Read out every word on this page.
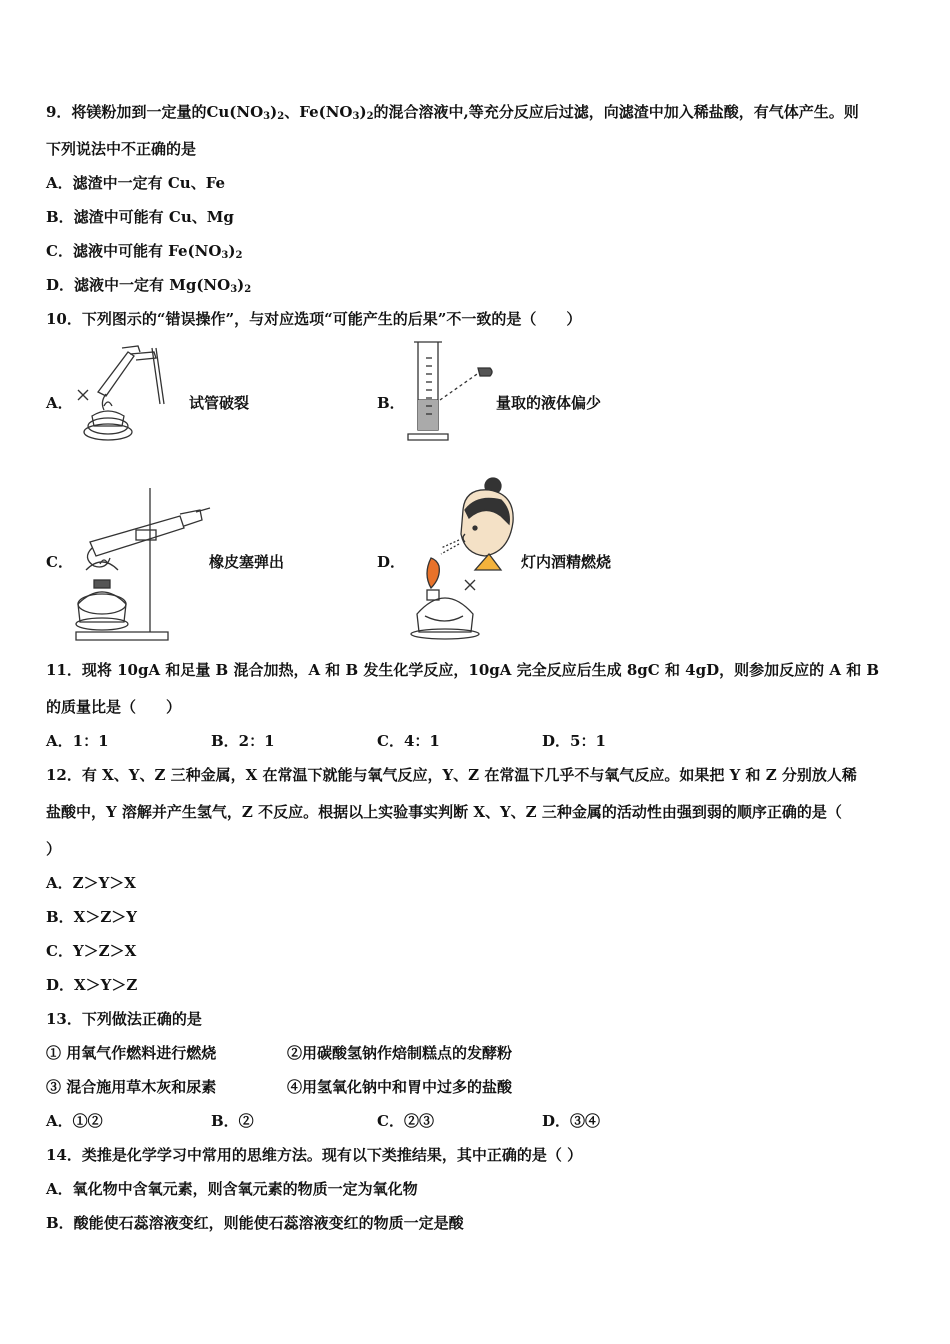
9．将镁粉加到一定量的$Cu(NO_3)_2$、$Fe(NO_3)_2$的混合溶液中,等充分反应后过滤，向滤渣中加入稀盐酸，有气体产生。则
下列说法中不正确的是
A．滤渣中一定有 Cu、Fe
B．滤渣中可能有 Cu、Mg
C．滤液中可能有 $Fe(NO_3)_2$
D．滤液中一定有 $Mg(NO_3)_2$
10．下列图示的“错误操作”，与对应选项“可能产生的后果”不一致的是（　　）
A．	试管破裂	B．	量取的液体偏少
C．	橡皮塞弹出	D．	灯内酒精燃烧
11．现将 10gA 和足量 B 混合加热，A 和 B 发生化学反应，10gA 完全反应后生成 8gC 和 4gD，则参加反应的 A 和 B
的质量比是（　　）
A．1：1	B．2：1	C．4：1	D．5：1
12．有 X、Y、Z 三种金属，X 在常温下就能与氧气反应，Y、Z 在常温下几乎不与氧气反应。如果把 Y 和 Z 分别放人稀
盐酸中，Y 溶解并产生氢气，Z 不反应。根据以上实验事实判断 X、Y、Z 三种金属的活动性由强到弱的顺序正确的是（
）
A．Z＞Y＞X
B．X＞Z＞Y
C．Y＞Z＞X
D．X＞Y＞Z
13．下列做法正确的是
① 用氧气作燃料进行燃烧	②用碳酸氢钠作焙制糕点的发酵粉
③ 混合施用草木灰和尿素	④用氢氧化钠中和胃中过多的盐酸
A．①②	B．②	C．②③	D．③④
14．类推是化学学习中常用的思维方法。现有以下类推结果，其中正确的是（ ）
A．氧化物中含氧元素，则含氧元素的物质一定为氧化物
B．酸能使石蕊溶液变红，则能使石蕊溶液变红的物质一定是酸
